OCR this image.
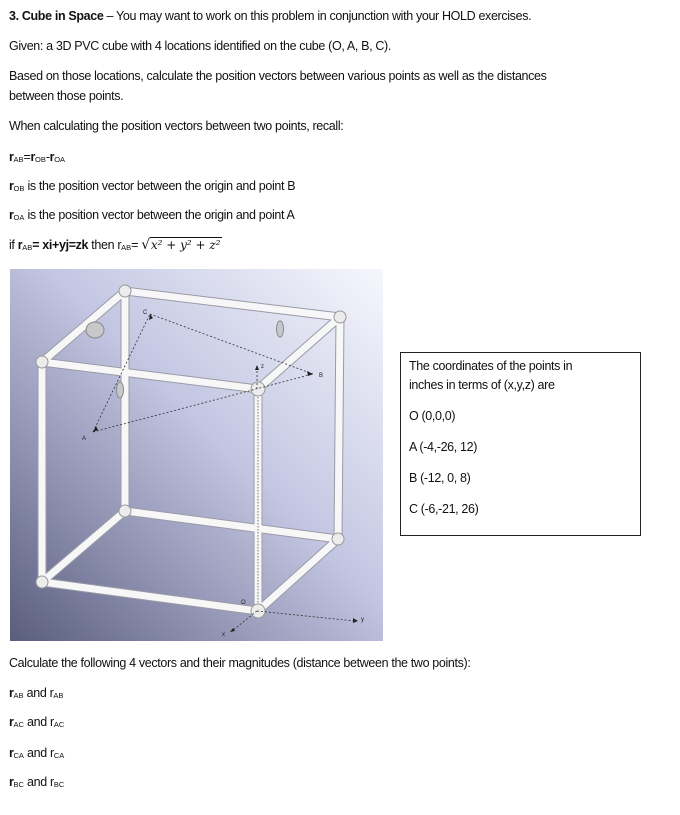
3. Cube in Space – You may want to work on this problem in conjunction with your HOLD exercises.
Given: a 3D PVC cube with 4 locations identified on the cube (O, A, B, C).
Based on those locations, calculate the position vectors between various points as well as the distances
between those points.
When calculating the position vectors between two points, recall:
$r_{AB}=r_{OB}-r_{OA}$
$r_{OB}$ is the position vector between the origin and point B
$r_{OA}$ is the position vector between the origin and point A
if $r_{AB}= xi+yj=zk$ then $r_{AB}= √x^2 + y^2 + z^2$
A
B
C
O
x
y
z	The coordinates of the points in
inches in terms of (x,y,z) are
O (0,0,0)
A (-4,-26, 12)
B (-12, 0, 8)
C (-6,-21, 26)
Calculate the following 4 vectors and their magnitudes (distance between the two points):
$r_{AB}$ and $r_{AB}$
$r_{AC}$ and $r_{AC}$
$r_{CA}$ and $r_{CA}$
$r_{BC}$ and $r_{BC}$
